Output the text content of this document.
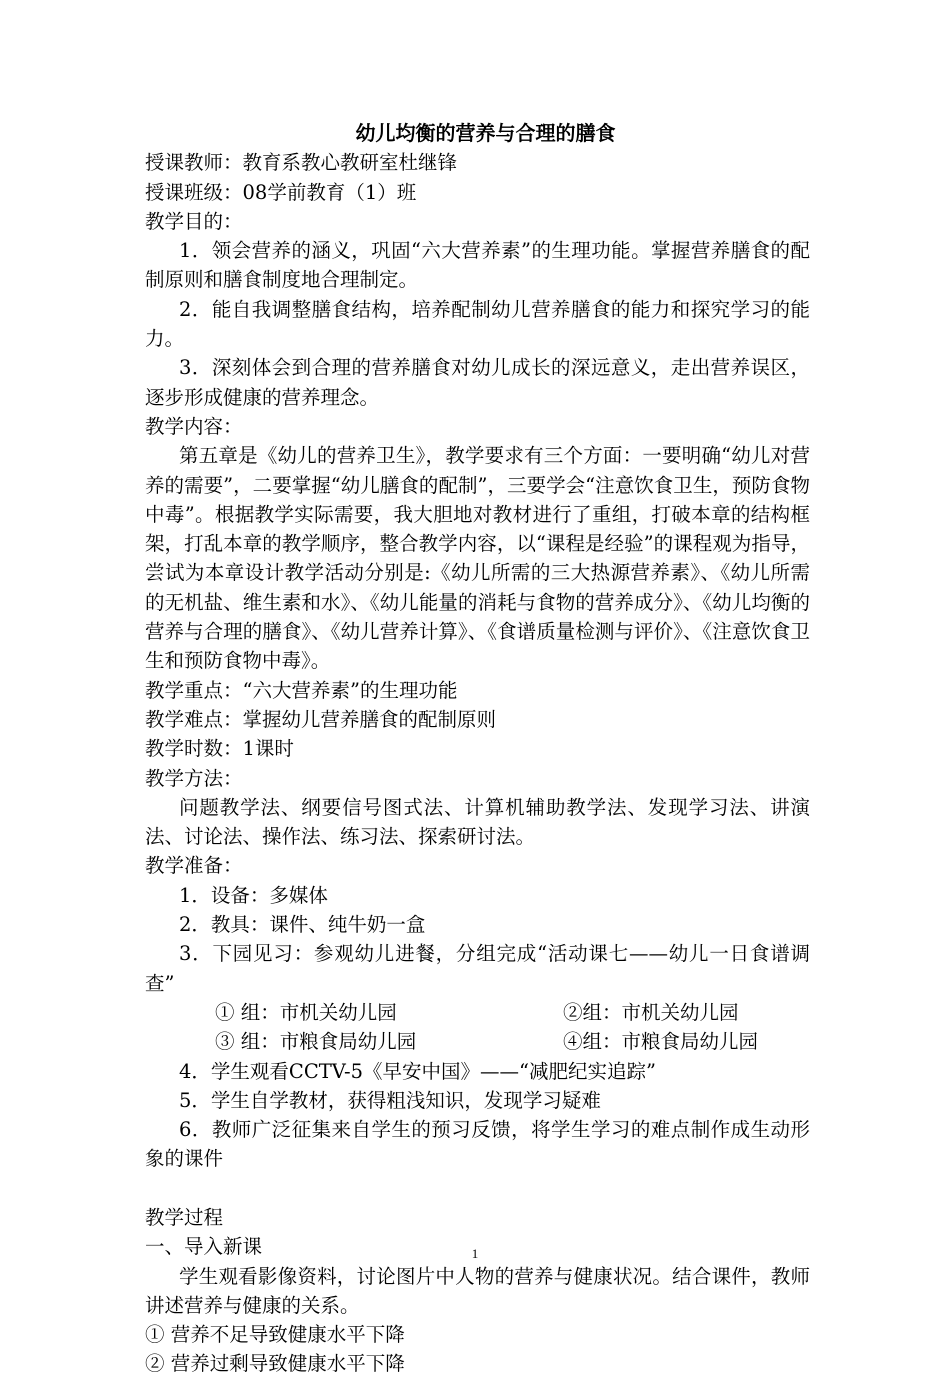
幼儿均衡的营养与合理的膳食
授课教师：教育系教心教研室杜继锋
授课班级：08学前教育（1）班
教学目的：
1．领会营养的涵义，巩固“六大营养素”的生理功能。掌握营养膳食的配制原则和膳食制度地合理制定。
2．能自我调整膳食结构，培养配制幼儿营养膳食的能力和探究学习的能力。
3．深刻体会到合理的营养膳食对幼儿成长的深远意义，走出营养误区，逐步形成健康的营养理念。
教学内容：
第五章是《幼儿的营养卫生》，教学要求有三个方面：一要明确“幼儿对营养的需要”，二要掌握“幼儿膳食的配制”，三要学会“注意饮食卫生，预防食物中毒”。根据教学实际需要，我大胆地对教材进行了重组，打破本章的结构框架，打乱本章的教学顺序，整合教学内容，以“课程是经验”的课程观为指导，尝试为本章设计教学活动分别是:《幼儿所需的三大热源营养素》、《幼儿所需的无机盐、维生素和水》、《幼儿能量的消耗与食物的营养成分》、《幼儿均衡的营养与合理的膳食》、《幼儿营养计算》、《食谱质量检测与评价》、《注意饮食卫生和预防食物中毒》。
教学重点：“六大营养素”的生理功能
教学难点：掌握幼儿营养膳食的配制原则
教学时数：1课时
教学方法：
问题教学法、纲要信号图式法、计算机辅助教学法、发现学习法、讲演法、讨论法、操作法、练习法、探索研讨法。
教学准备：
1．设备：多媒体
2．教具：课件、纯牛奶一盒
3．下园见习：参观幼儿进餐，分组完成“活动课七——幼儿一日食谱调查”
① 组：市机关幼儿园	②组：市机关幼儿园
③ 组：市粮食局幼儿园	④组：市粮食局幼儿园
4．学生观看CCTV-5《早安中国》——“减肥纪实追踪”
5．学生自学教材，获得粗浅知识，发现学习疑难
6．教师广泛征集来自学生的预习反馈，将学生学习的难点制作成生动形象的课件
教学过程
一、导入新课
学生观看影像资料，讨论图片中人物的营养与健康状况。结合课件，教师讲述营养与健康的关系。
① 营养不足导致健康水平下降
② 营养过剩导致健康水平下降
1
